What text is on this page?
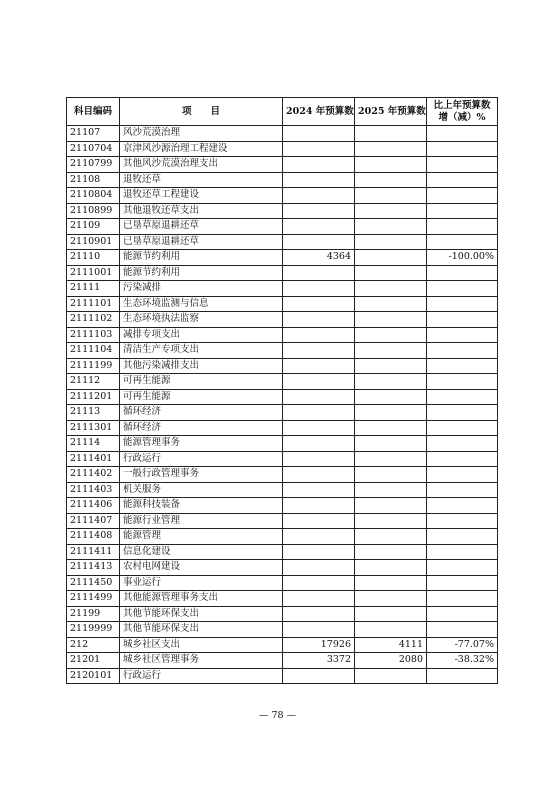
科目编码	项　　目	2024 年预算数	2025 年预算数	比上年预算数
增（减）%
21107	风沙荒漠治理			
2110704	京津风沙源治理工程建设			
2110799	其他风沙荒漠治理支出			
21108	退牧还草			
2110804	退牧还草工程建设			
2110899	其他退牧还草支出			
21109	已垦草原退耕还草			
2110901	已垦草原退耕还草			
21110	能源节约利用	4364		-100.00%
2111001	能源节约利用			
21111	污染减排			
2111101	生态环境监测与信息			
2111102	生态环境执法监察			
2111103	减排专项支出			
2111104	清洁生产专项支出			
2111199	其他污染减排支出			
21112	可再生能源			
2111201	可再生能源			
21113	循环经济			
2111301	循环经济			
21114	能源管理事务			
2111401	行政运行			
2111402	一般行政管理事务			
2111403	机关服务			
2111406	能源科技装备			
2111407	能源行业管理			
2111408	能源管理			
2111411	信息化建设			
2111413	农村电网建设			
2111450	事业运行			
2111499	其他能源管理事务支出			
21199	其他节能环保支出			
2119999	其他节能环保支出			
212	城乡社区支出	17926	4111	-77.07%
21201	城乡社区管理事务	3372	2080	-38.32%
2120101	行政运行			
— 78 —
